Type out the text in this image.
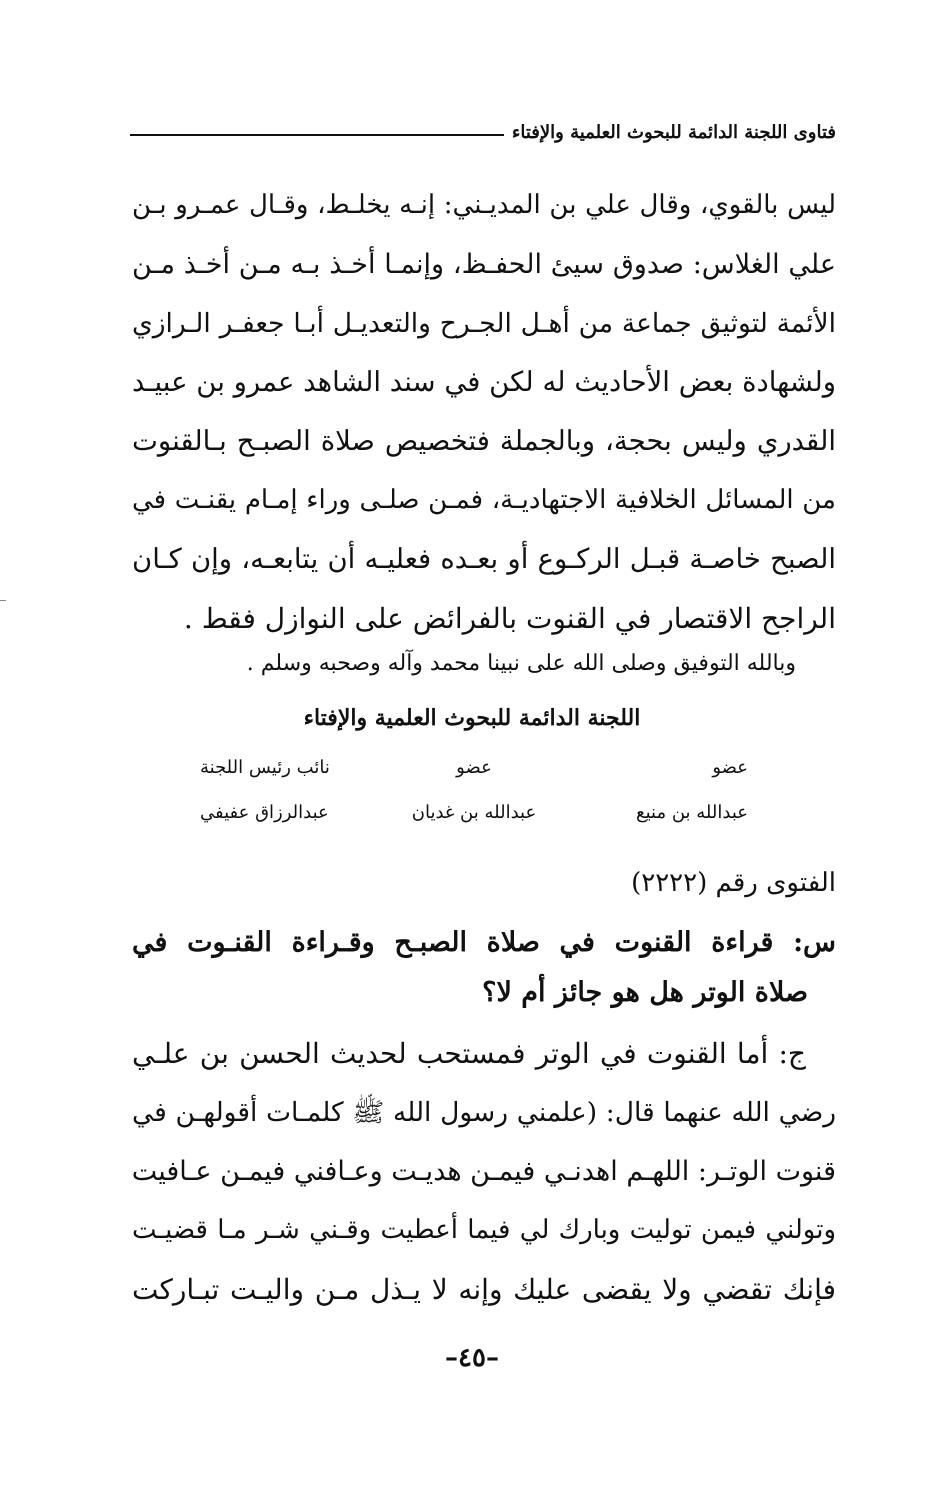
فتاوى اللجنة الدائمة للبحوث العلمية والإفتاء
ليس بالقوي، وقال علي بن المديـني: إنـه يخلـط، وقـال عمـرو بـن
علي الغلاس: صدوق سيئ الحفـظ، وإنمـا أخـذ بـه مـن أخـذ مـن
الأئمة لتوثيق جماعة من أهـل الجـرح والتعديـل أبـا جعفـر الـرازي
ولشهادة بعض الأحاديث له لكن في سند الشاهد عمرو بن عبيـد
القدري وليس بحجة، وبالجملة فتخصيص صلاة الصبـح بـالقنوت
من المسائل الخلافية الاجتهاديـة، فمـن صلـى وراء إمـام يقنـت في
الصبح خاصـة قبـل الركـوع أو بعـده فعليـه أن يتابعـه، وإن كـان
الراجح الاقتصار في القنوت بالفرائض على النوازل فقط .
وبالله التوفيق وصلى الله على نبينا محمد وآله وصحبه وسلم .
اللجنة الدائمة للبحوث العلمية والإفتاء
عضو
عضو
نائب رئيس اللجنة
عبدالله بن منيع
عبدالله بن غديان
عبدالرزاق عفيفي
الفتوى رقم (٢٢٢٢)
س: قراءة القنوت في صلاة الصبـح وقـراءة القنـوت في
صلاة الوتر هل هو جائز أم لا؟
ج: أما القنوت في الوتر فمستحب لحديث الحسن بن علـي
رضي الله عنهما قال: (علمني رسول الله ﷺ كلمـات أقولهـن في
قنوت الوتـر: اللهـم اهدنـي فيمـن هديـت وعـافني فيمـن عـافيت
وتولني فيمن توليت وبارك لي فيما أعطيت وقـني شـر مـا قضيـت
فإنك تقضي ولا يقضى عليك وإنه لا يـذل مـن واليـت تبـاركت
–٤٥–
